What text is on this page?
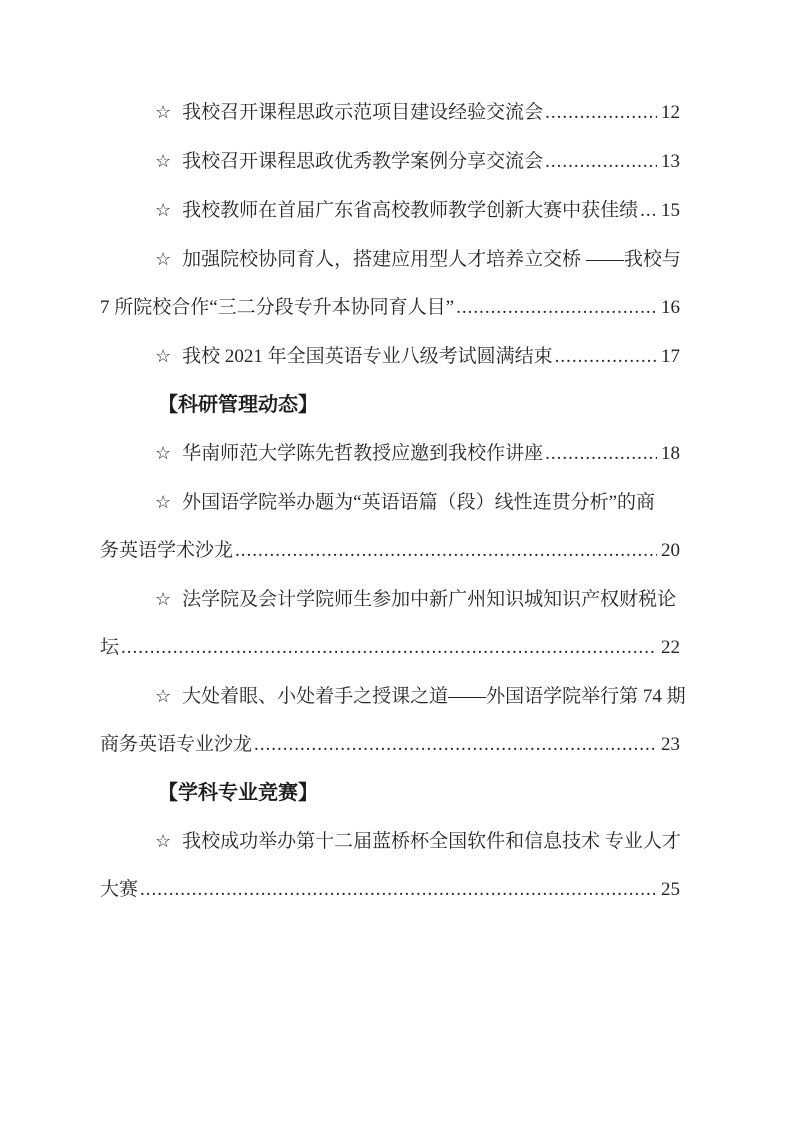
☆ 我校召开课程思政示范项目建设经验交流会 .....	12
☆ 我校召开课程思政优秀教学案例分享交流会 .....	13
☆ 我校教师在首届广东省高校教师教学创新大赛中获佳绩 ..... 15
☆ 加强院校协同育人，搭建应用型人才培养立交桥 ——我校与
7 所院校合作“三二分段专升本协同育人目” .....	16
☆ 我校 2021 年全国英语专业八级考试圆满结束 .....	17
【科研管理动态】
☆ 华南师范大学陈先哲教授应邀到我校作讲座 .....	18
☆ 外国语学院举办题为“英语语篇（段）线性连贯分析”的商
务英语学术沙龙 .....	20
☆ 法学院及会计学院师生参加中新广州知识城知识产权财税论
坛 .....	22
☆ 大处着眼、小处着手之授课之道——外国语学院举行第 74 期
商务英语专业沙龙 .....	23
【学科专业竞赛】
☆ 我校成功举办第十二届蓝桥杯全国软件和信息技术 专业人才
大赛 .....	25
